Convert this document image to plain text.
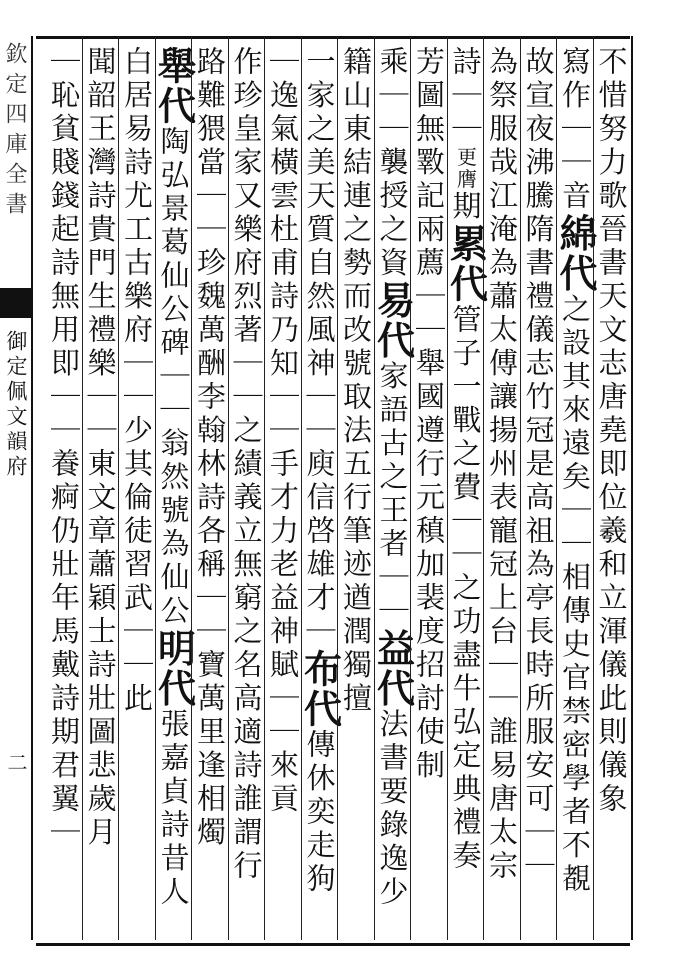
欽定四庫全書
御定佩文韻府
二
不惜努力歌晉書天文志唐堯即位羲和立渾儀此則儀象
寫作｜｜音綿代之設其來遠矣｜｜相傳史官禁密學者不覩
故宣夜沸騰隋書禮儀志竹冠是高祖為亭長時所服安可｜｜
為祭服哉江淹為蕭太傅讓揚州表寵冠上台｜｜誰易唐太宗
詩｜｜更膺期累代管子一戰之費｜｜之功盡牛弘定典禮奏
芳圖無斁記兩薦｜｜舉國遵行元稹加裴度招討使制
乘｜｜襲授之資易代家語古之王者｜｜益代法書要錄逸少
籍山東結連之勢而改號取法五行筆迹遒潤獨擅
一家之美天質自然風神｜｜庾信啓雄才｜布代傳休奕走狗
｜逸氣橫雲杜甫詩乃知｜｜手才力老益神賦｜｜來貢
作珍皇家又樂府烈著｜｜之績義立無窮之名高適詩誰謂行
路難猥當｜｜珍魏萬酬李翰林詩各稱｜｜寶萬里逢相燭
舉代陶弘景葛仙公碑｜｜翁然號為仙公明代張嘉貞詩昔人
白居易詩尤工古樂府｜｜少其倫徒習武｜｜此
聞韶王灣詩貴門生禮樂｜｜東文章蕭穎士詩壯圖悲歲月
｜恥貧賤錢起詩無用即｜｜養痾仍壯年馬戴詩期君翼｜
